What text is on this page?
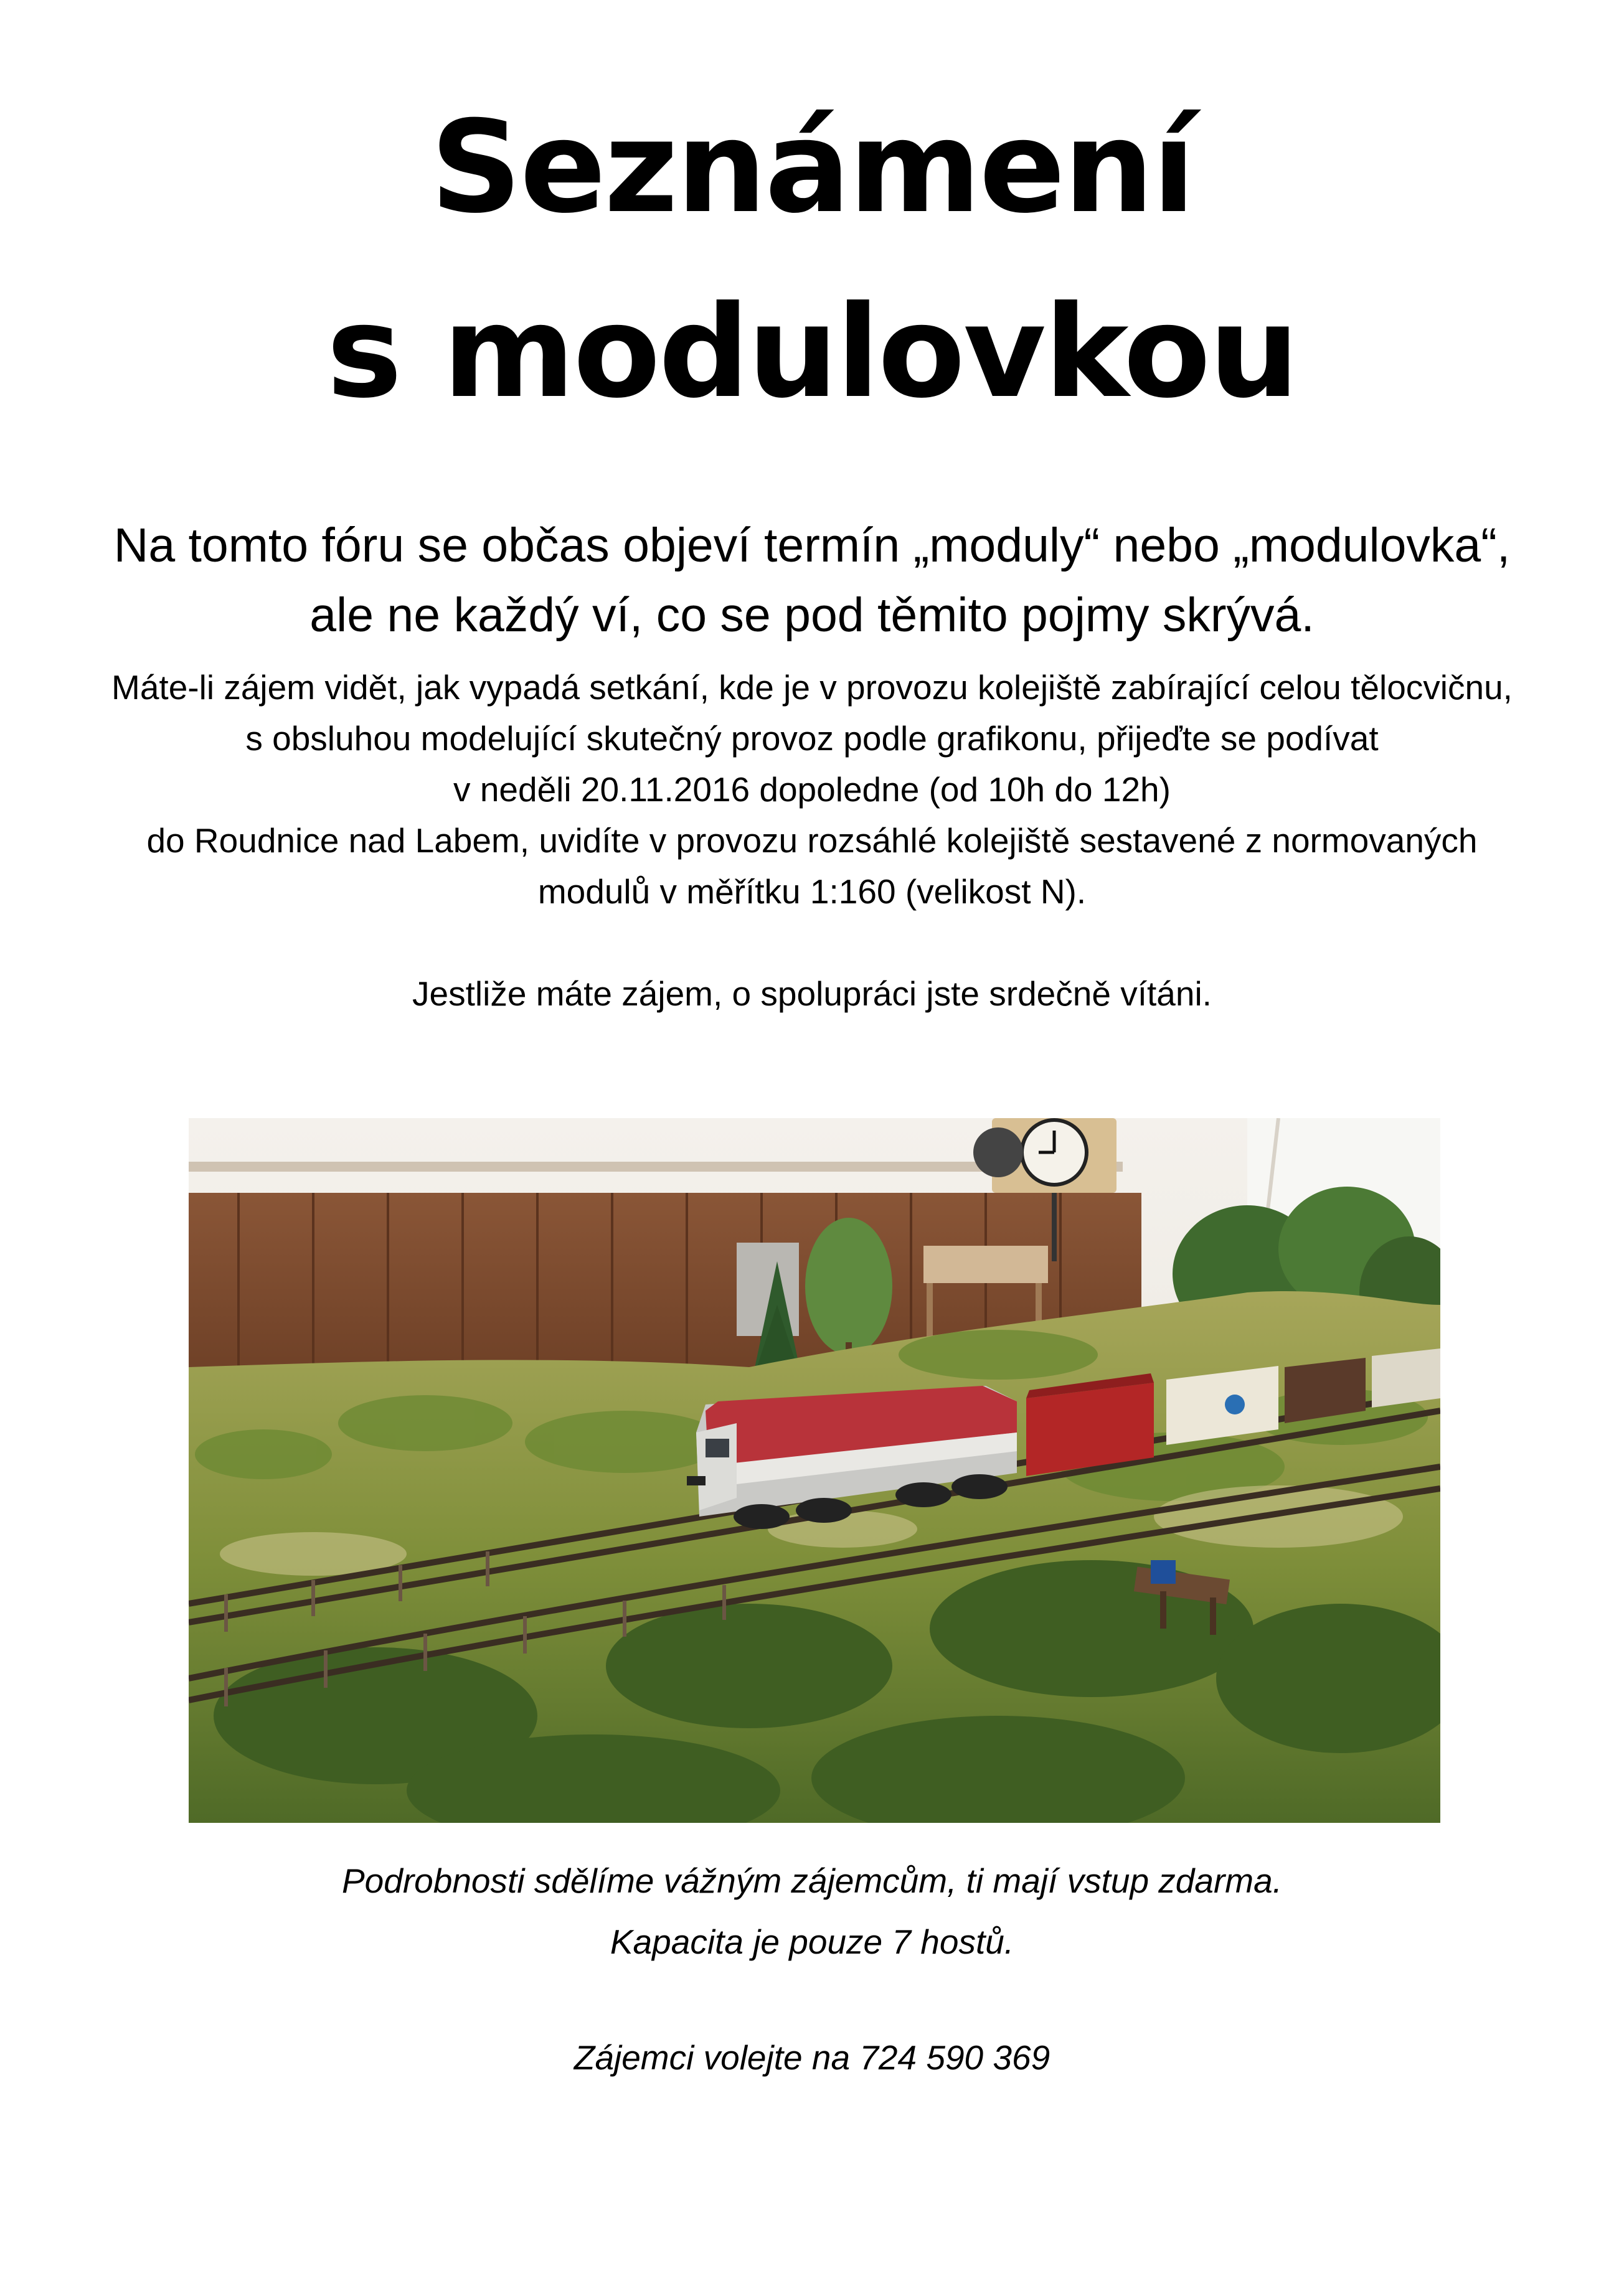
Seznámení
s modulovkou
Na tomto fóru se občas objeví termín „moduly“ nebo „modulovka“,
ale ne každý ví, co se pod těmito pojmy skrývá.
Máte-li zájem vidět, jak vypadá setkání, kde je v provozu kolejiště zabírající celou tělocvičnu,
s obsluhou modelující skutečný provoz podle grafikonu, přijeďte se podívat
v neděli 20.11.2016 dopoledne (od 10h do 12h)
do Roudnice nad Labem, uvidíte v provozu rozsáhlé kolejiště sestavené z normovaných
modulů v měřítku 1:160 (velikost N).
Jestliže máte zájem, o spolupráci jste srdečně vítáni.
Podrobnosti sdělíme vážným zájemcům, ti mají vstup zdarma.
Kapacita je pouze 7 hostů.
Zájemci volejte na 724 590 369
